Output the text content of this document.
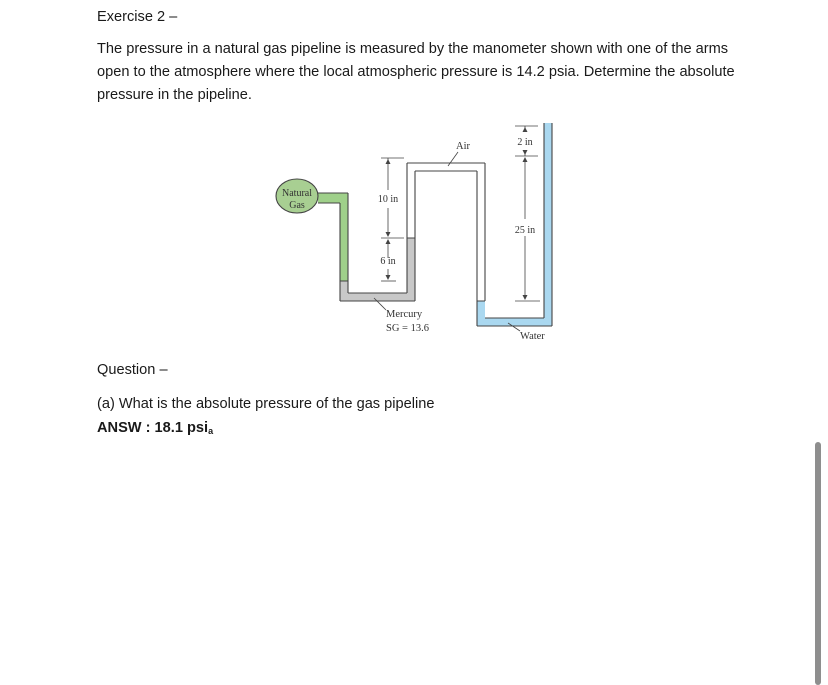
Exercise 2 –

The pressure in a natural gas pipeline is measured by the manometer shown with one of the arms open to the atmosphere where the local atmospheric pressure is 14.2 psia. Determine the absolute pressure in the pipeline.

Natural
Gas
Air
10 in
6 in
2 in
25 in
Mercury
SG = 13.6
Water

Question –

(a) What is the absolute pressure of the gas pipeline

ANSW : 18.1 psi$_a$
